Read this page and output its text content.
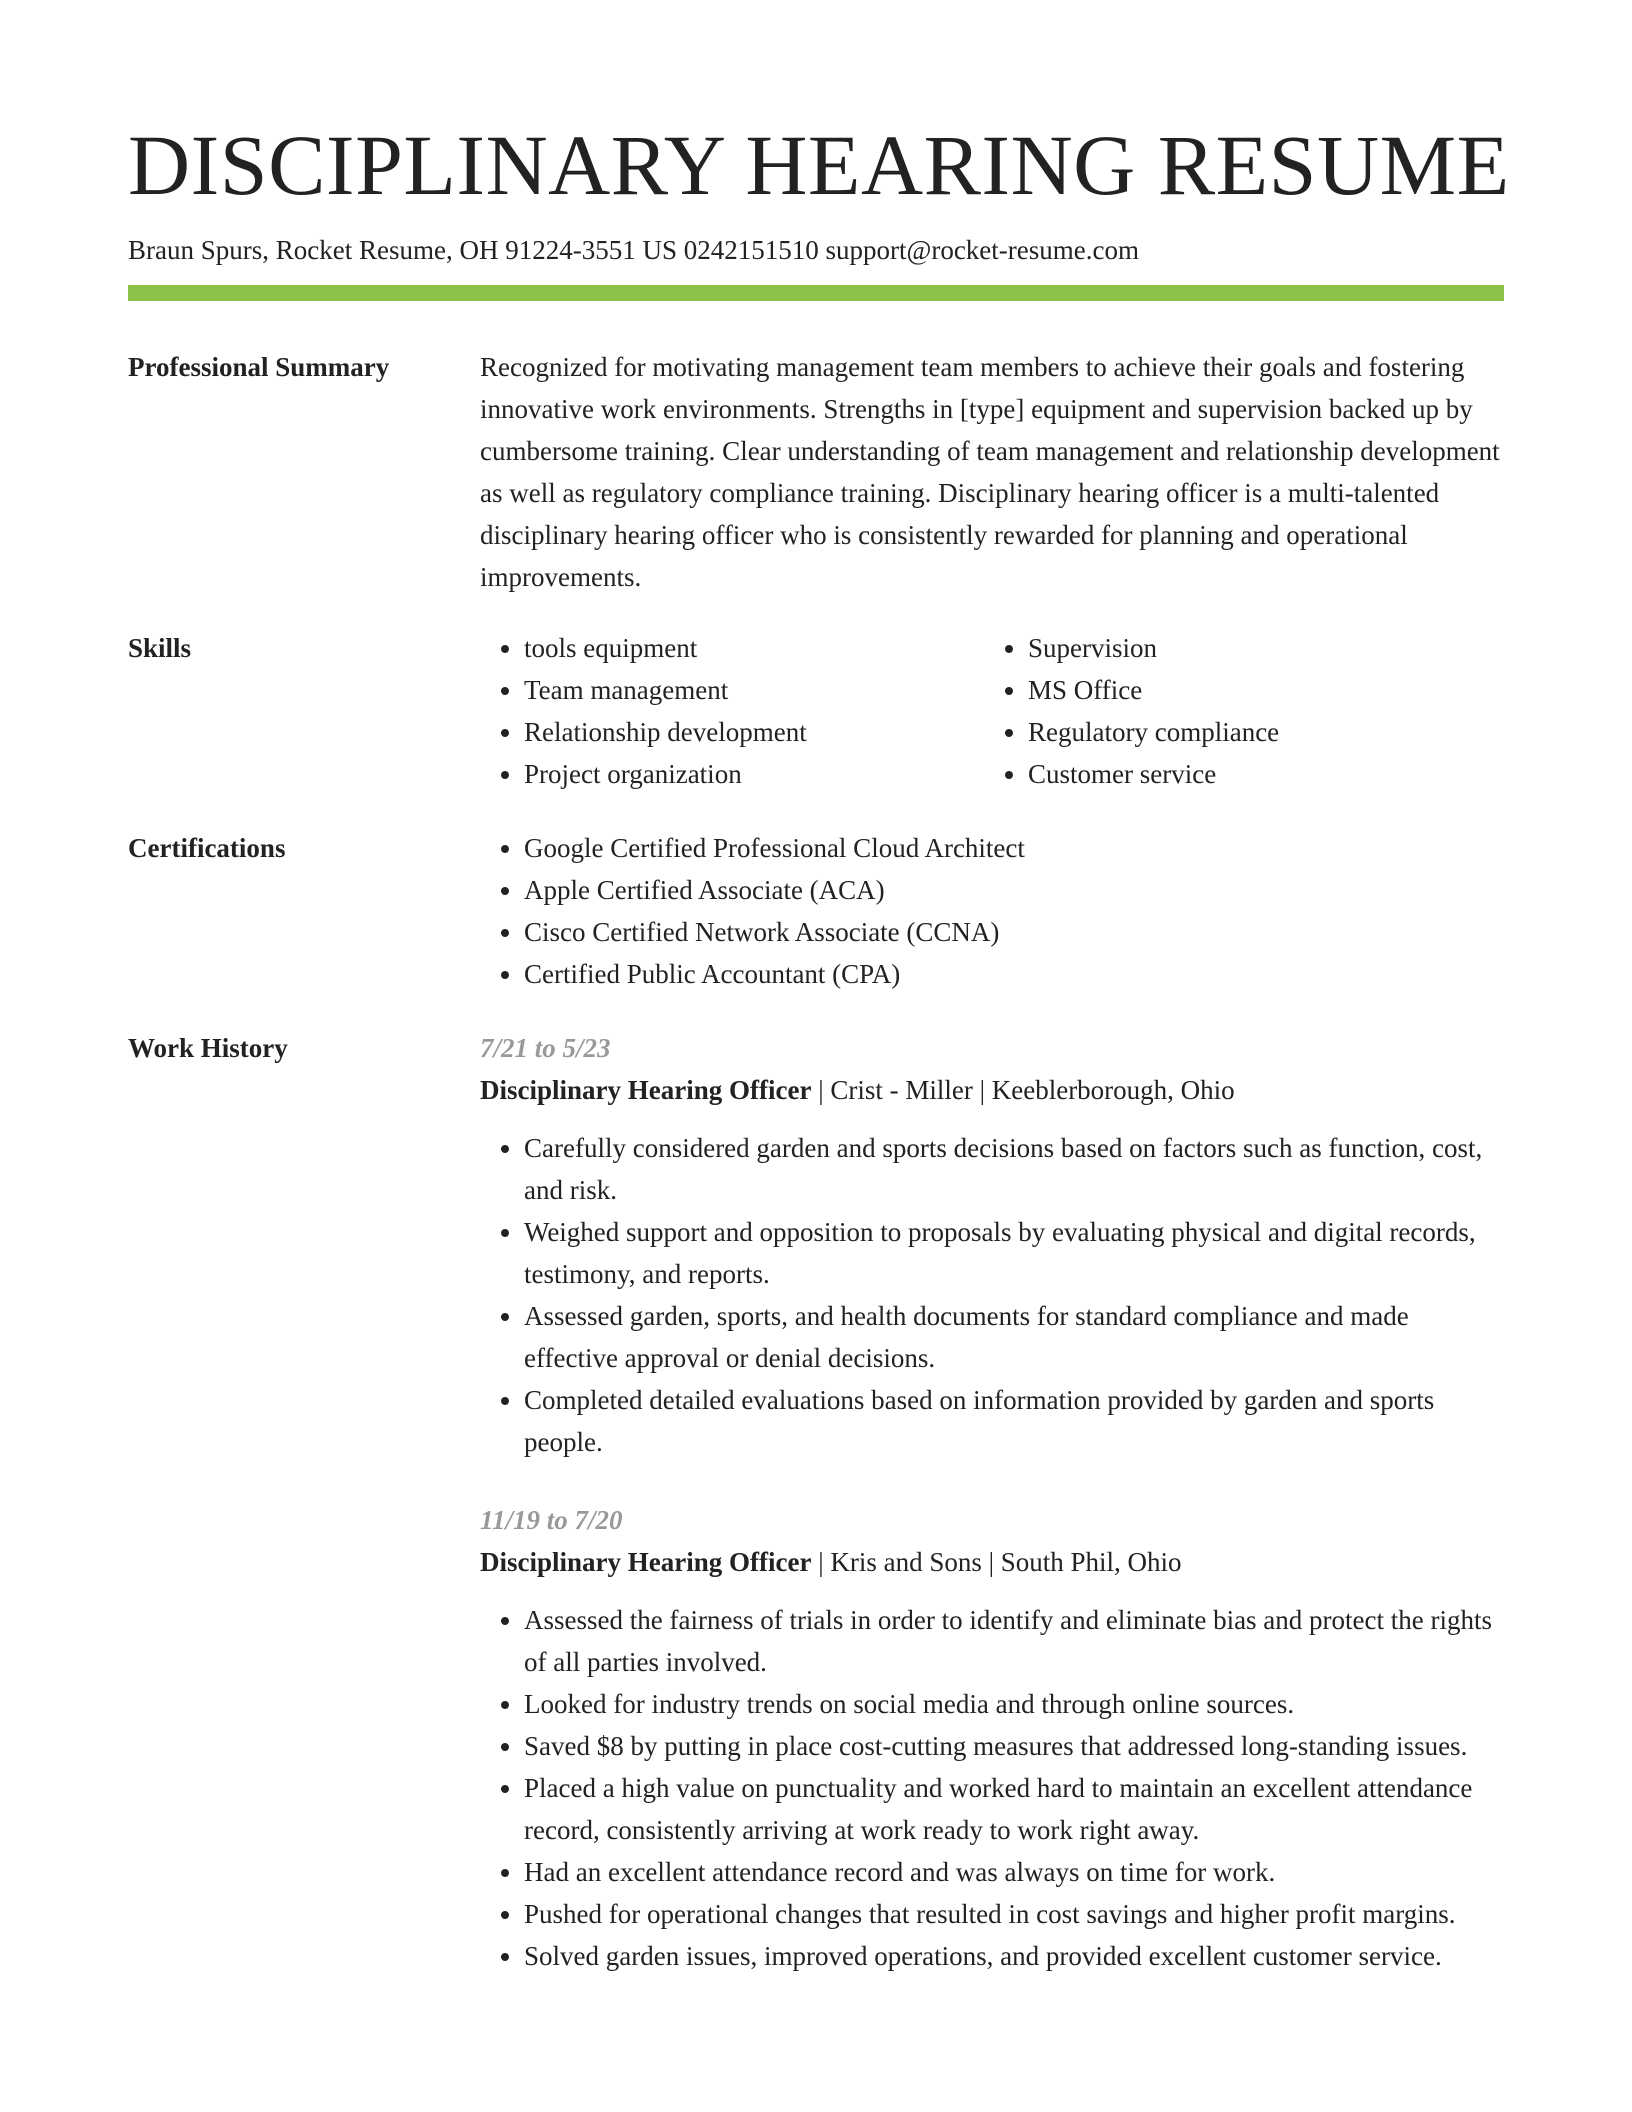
DISCIPLINARY HEARING RESUME
Braun Spurs, Rocket Resume, OH 91224-3551 US 0242151510 support@rocket-resume.com
Professional Summary	Recognized for motivating management team members to achieve their goals and fostering innovative work environments. Strengths in [type] equipment and supervision backed up by cumbersome training. Clear understanding of team management and relationship development as well as regulatory compliance training. Disciplinary hearing officer is a multi-talented disciplinary hearing officer who is consistently rewarded for planning and operational improvements.

Skills	• tools equipment
• Team management
• Relationship development
• Project organization
• Supervision
• MS Office
• Regulatory compliance
• Customer service
Certifications	• Google Certified Professional Cloud Architect
• Apple Certified Associate (ACA)
• Cisco Certified Network Associate (CCNA)
• Certified Public Accountant (CPA)
Work History	7/21 to 5/23
Disciplinary Hearing Officer | Crist - Miller | Keeblerborough, Ohio
• Carefully considered garden and sports decisions based on factors such as function, cost, and risk.
• Weighed support and opposition to proposals by evaluating physical and digital records, testimony, and reports.
• Assessed garden, sports, and health documents for standard compliance and made effective approval or denial decisions.
• Completed detailed evaluations based on information provided by garden and sports people.
11/19 to 7/20
Disciplinary Hearing Officer | Kris and Sons | South Phil, Ohio
• Assessed the fairness of trials in order to identify and eliminate bias and protect the rights of all parties involved.
• Looked for industry trends on social media and through online sources.
• Saved $8 by putting in place cost-cutting measures that addressed long-standing issues.
• Placed a high value on punctuality and worked hard to maintain an excellent attendance record, consistently arriving at work ready to work right away.
• Had an excellent attendance record and was always on time for work.
• Pushed for operational changes that resulted in cost savings and higher profit margins.
• Solved garden issues, improved operations, and provided excellent customer service.
